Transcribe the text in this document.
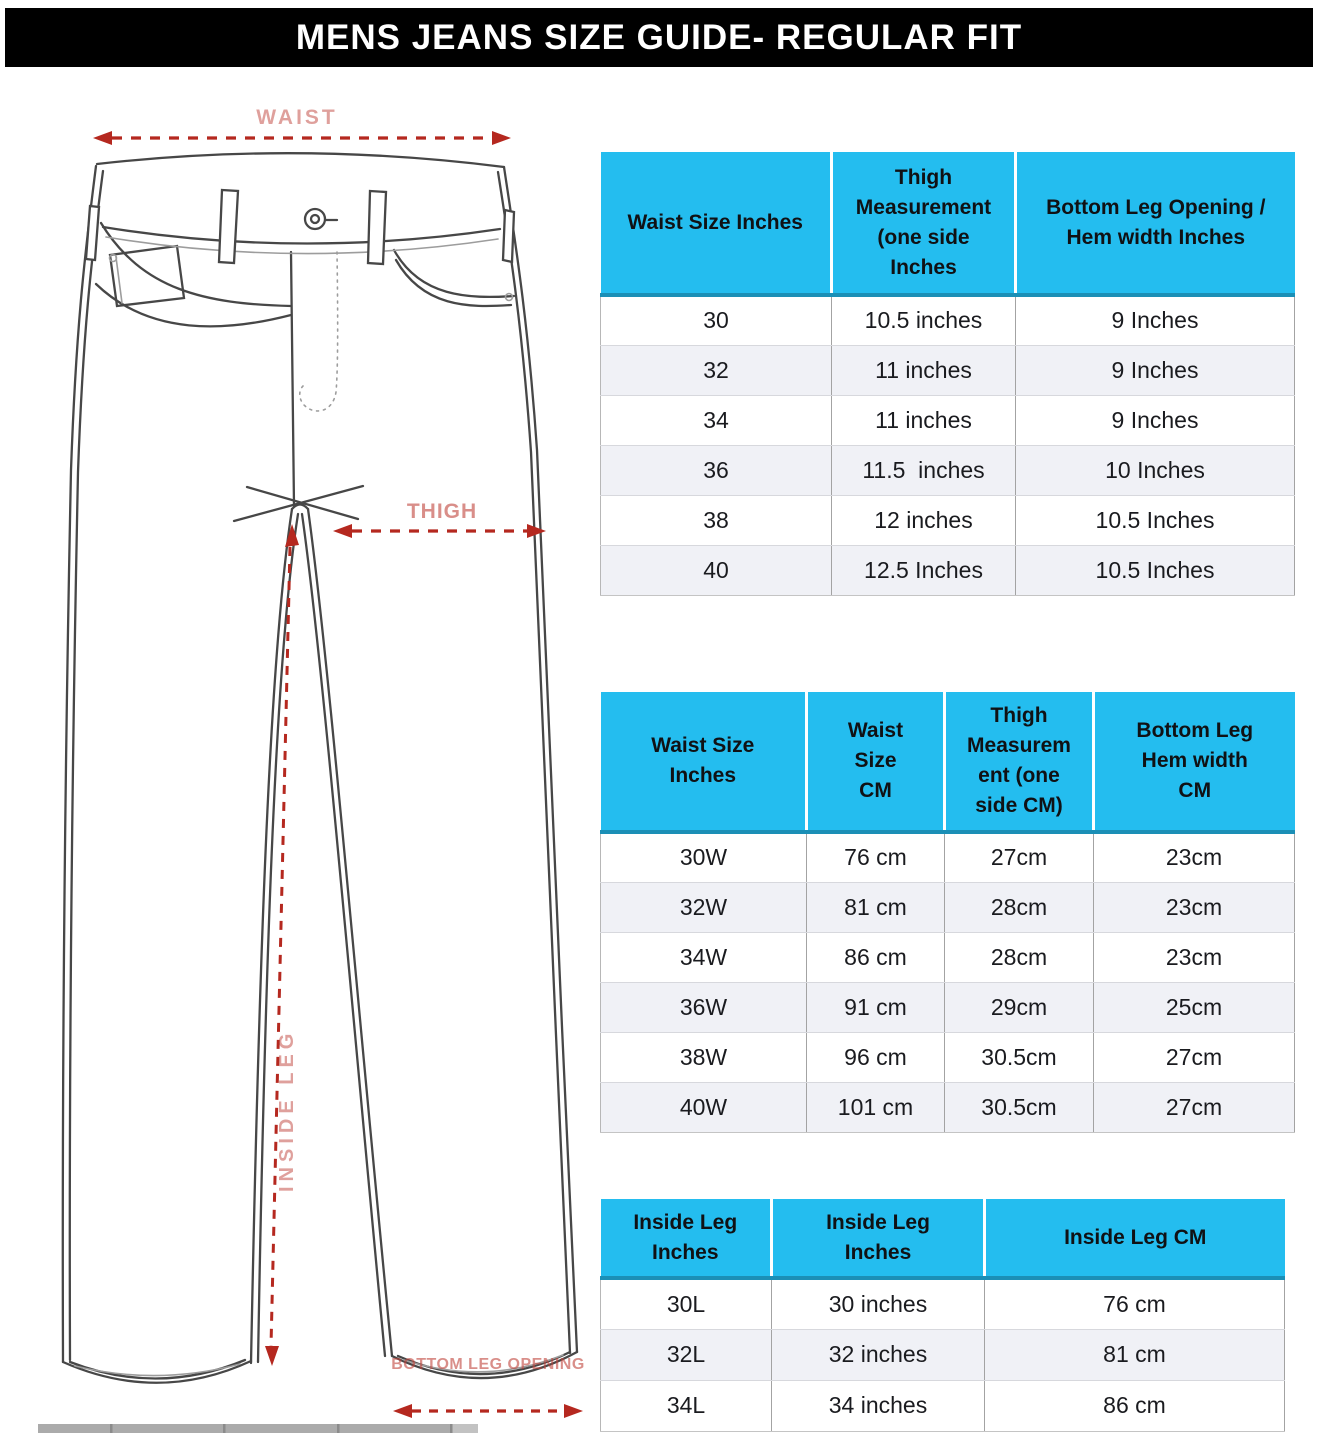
MENS JEANS SIZE GUIDE- REGULAR FIT
WAIST
THIGH
INSIDE LEG
BOTTOM LEG OPENING
Waist Size Inches	Thigh Measurement (one side Inches	Bottom Leg Opening / Hem width Inches
30	10.5 inches	9 Inches
32	11 inches	9 Inches
34	11 inches	9 Inches
36	11.5  inches	10 Inches
38	12 inches	10.5 Inches
40	12.5 Inches	10.5 Inches
Waist Size Inches	Waist Size CM	Thigh Measurem ent (one side CM)	Bottom Leg Hem width CM
30W	76 cm	27cm	23cm
32W	81 cm	28cm	23cm
34W	86 cm	28cm	23cm
36W	91 cm	29cm	25cm
38W	96 cm	30.5cm	27cm
40W	101 cm	30.5cm	27cm
Inside Leg Inches	Inside Leg Inches	Inside Leg CM
30L	30 inches	76 cm
32L	32 inches	81 cm
34L	34 inches	86 cm
